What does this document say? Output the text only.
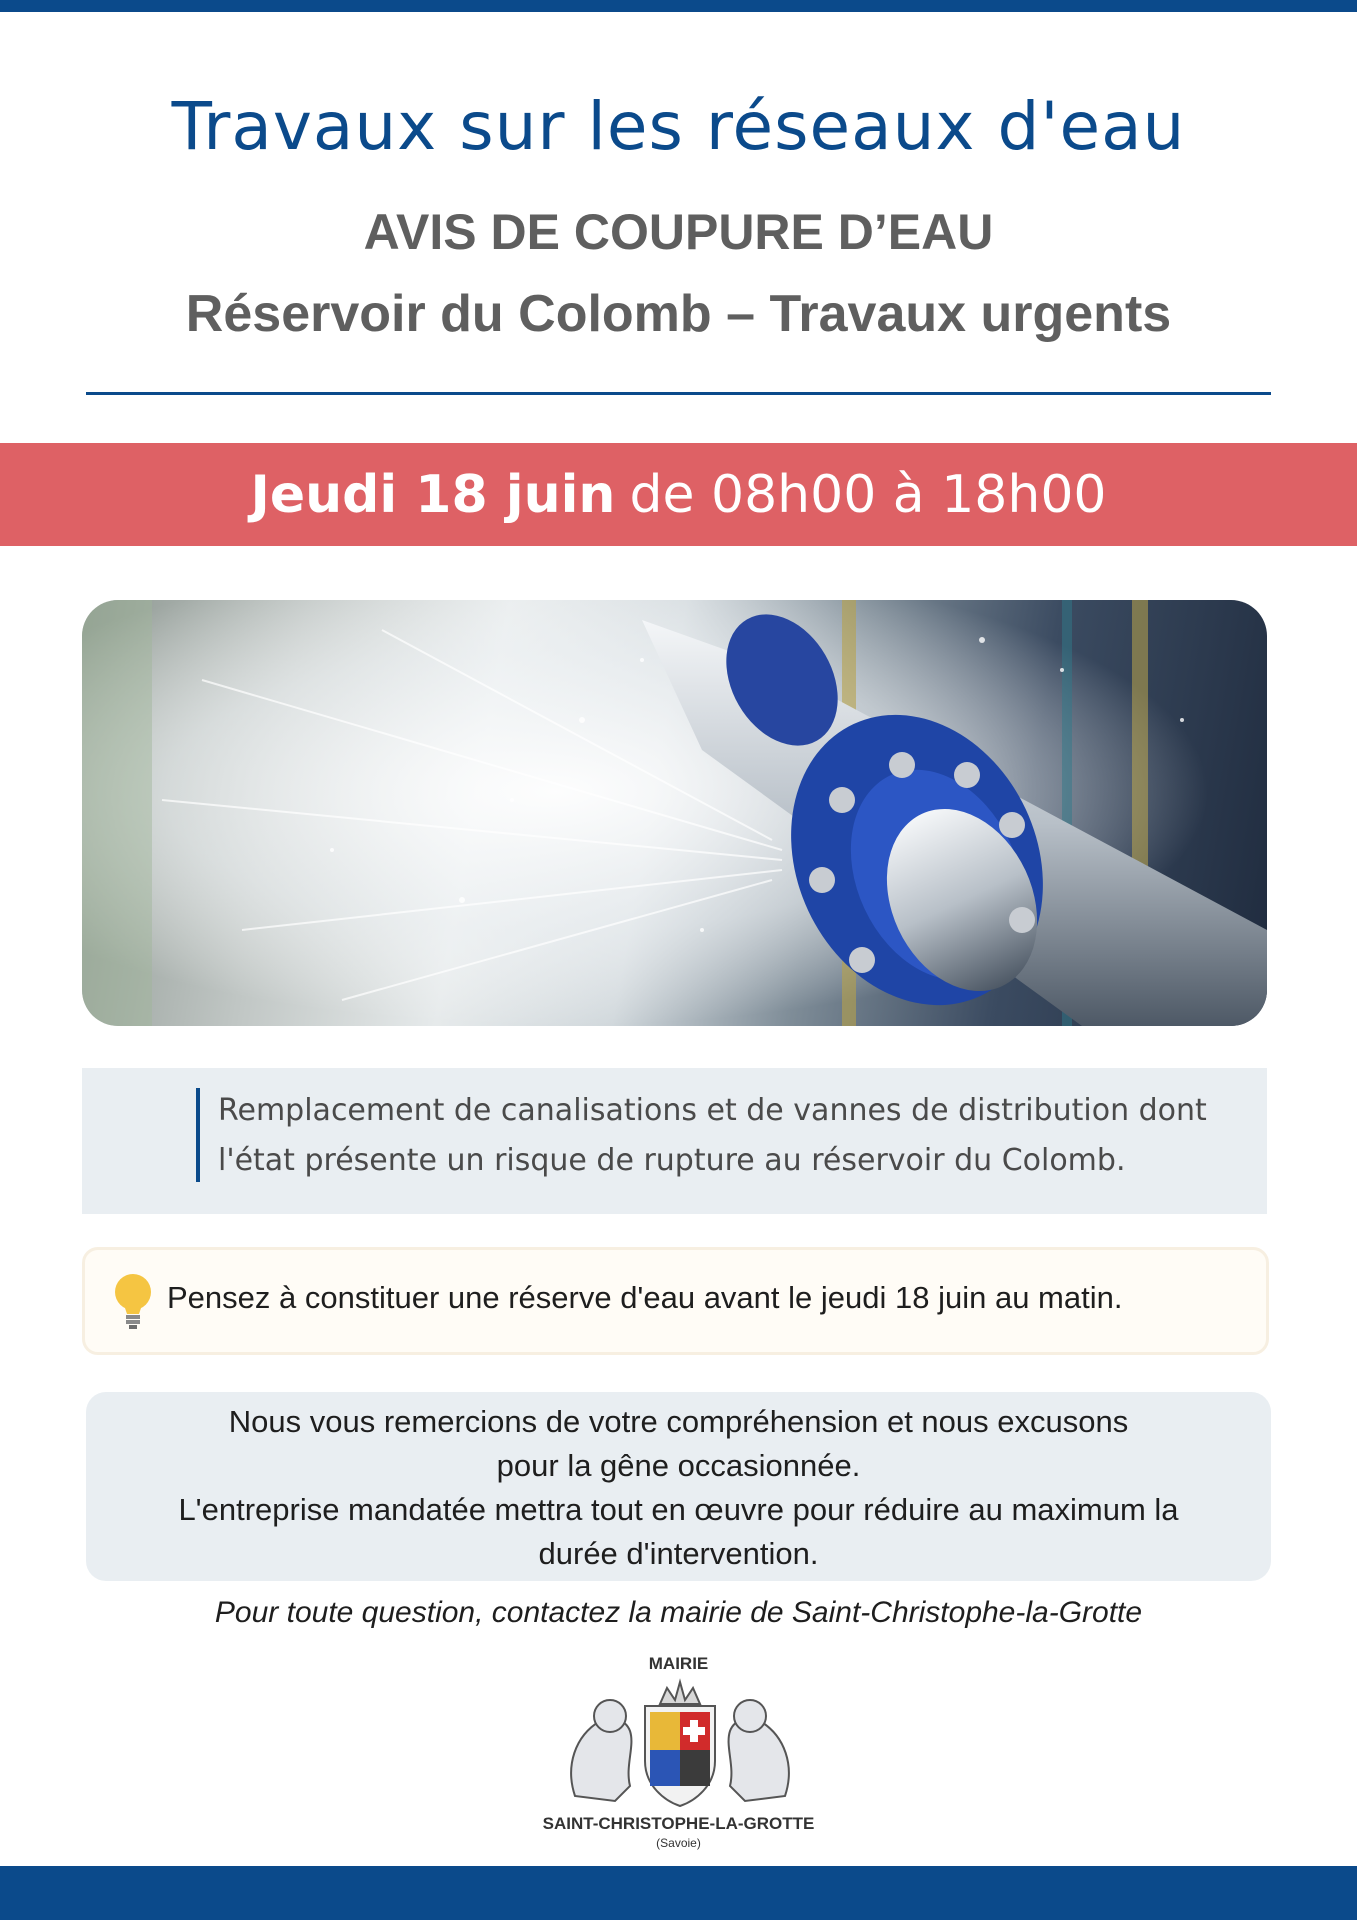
Travaux sur les réseaux d'eau
AVIS DE COUPURE D’EAU
Réservoir du Colomb – Travaux urgents
Jeudi 18 juin de 08h00 à 18h00
Remplacement de canalisations et de vannes de distribution dont l'état présente un risque de rupture au réservoir du Colomb.
Pensez à constituer une réserve d'eau avant le jeudi 18 juin au matin.

Nous vous remercions de votre compréhension et nous excusons pour la gêne occasionnée.

L'entreprise mandatée mettra tout en œuvre pour réduire au maximum la durée d'intervention.

Pour toute question, contactez la mairie de Saint-Christophe-la-Grotte
MAIRIE
SAINT-CHRISTOPHE-LA-GROTTE
(Savoie)
